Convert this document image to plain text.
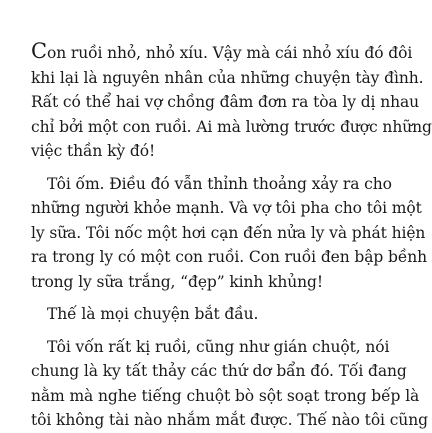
Con ruồi nhỏ, nhỏ xíu. Vậy mà cái nhỏ xíu đó đôi
khi lại là nguyên nhân của những chuyện tày đình.
Rất có thể hai vợ chồng đâm đơn ra tòa ly dị nhau
chỉ bởi một con ruồi. Ai mà lường trước được những
việc thần kỳ đó!
Tôi ốm. Điều đó vẫn thỉnh thoảng xảy ra cho
những người khỏe mạnh. Và vợ tôi pha cho tôi một
ly sữa. Tôi nốc một hơi cạn đến nửa ly và phát hiện
ra trong ly có một con ruồi. Con ruồi đen bập bềnh
trong ly sữa trắng, “đẹp” kinh khủng!
Thế là mọi chuyện bắt đầu.
Tôi vốn rất kị ruồi, cũng như gián chuột, nói
chung là ky tất thảy các thứ dơ bẩn đó. Tối đang
nằm mà nghe tiếng chuột bò sột soạt trong bếp là
tôi không tài nào nhắm mắt được. Thế nào tôi cũng
